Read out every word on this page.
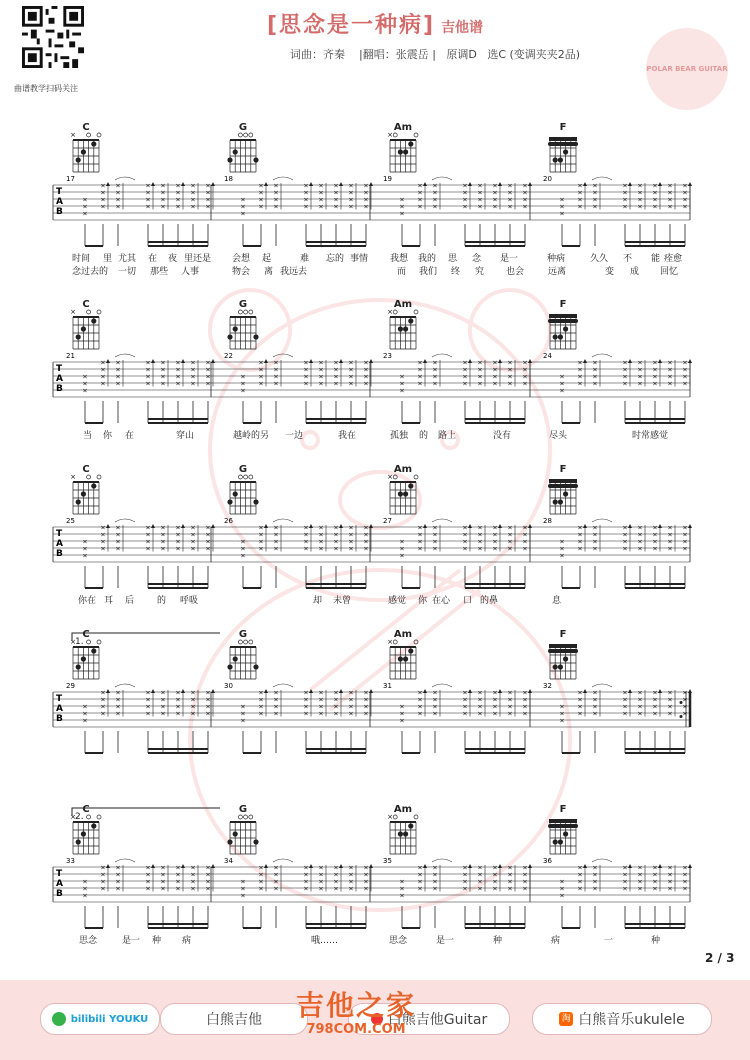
曲谱教学扫码关注
[思念是一种病] 吉他谱
词曲：齐秦    |翻唱：张震岳 |   原调D   选C (变调夹夹2品)
POLAR BEAR GUITAR
C
×
G	Am
×
F
T
A
B
17
×
×
×
×
×
×
×
×
×
×
×
×
×
×
×
×
×
×
×
×
×
×
×
×
×
×
×
×
×
×
×
18
×
×
×
×
×
×
×
×
×
×
×
×
×
×
×
×
×
×
×
×
×
×
×
×
×
×
×
×
×
×
×
19
×
×
×
×
×
×
×
×
×
×
×
×
×
×
×
×
×
×
×
×
×
×
×
×
×
×
×
×
×
×
×
20
×
×
×
×
×
×
×
×
×
×
×
×
×
×
×
×
×
×
×
×
×
×
×
×
×
×
×
×
×
×
×
C
×
G	Am
×
F
T
A
B
21
×
×
×
×
×
×
×
×
×
×
×
×
×
×
×
×
×
×
×
×
×
×
×
×
×
×
×
×
×
×
×
22
×
×
×
×
×
×
×
×
×
×
×
×
×
×
×
×
×
×
×
×
×
×
×
×
×
×
×
×
×
×
×
23
×
×
×
×
×
×
×
×
×
×
×
×
×
×
×
×
×
×
×
×
×
×
×
×
×
×
×
×
×
×
×
24
×
×
×
×
×
×
×
×
×
×
×
×
×
×
×
×
×
×
×
×
×
×
×
×
×
×
×
×
×
×
×
C
×
G	Am
×
F
T
A
B
25
×
×
×
×
×
×
×
×
×
×
×
×
×
×
×
×
×
×
×
×
×
×
×
×
×
×
×
×
×
×
×
26
×
×
×
×
×
×
×
×
×
×
×
×
×
×
×
×
×
×
×
×
×
×
×
×
×
×
×
×
×
×
×
27
×
×
×
×
×
×
×
×
×
×
×
×
×
×
×
×
×
×
×
×
×
×
×
×
×
×
×
×
×
×
×
28
×
×
×
×
×
×
×
×
×
×
×
×
×
×
×
×
×
×
×
×
×
×
×
×
×
×
×
×
×
×
×
1.
C
×
G	Am
×
F
T
A
B
29
×
×
×
×
×
×
×
×
×
×
×
×
×
×
×
×
×
×
×
×
×
×
×
×
×
×
×
×
×
×
×
30
×
×
×
×
×
×
×
×
×
×
×
×
×
×
×
×
×
×
×
×
×
×
×
×
×
×
×
×
×
×
×
31
×
×
×
×
×
×
×
×
×
×
×
×
×
×
×
×
×
×
×
×
×
×
×
×
×
×
×
×
×
×
×
32
×
×
×
×
×
×
×
×
×
×
×
×
×
×
×
×
×
×
×
×
×
×
×
×
×
×
×
×
×
×
×
2.
C
×
G	Am
×
F
T
A
B
33
×
×
×
×
×
×
×
×
×
×
×
×
×
×
×
×
×
×
×
×
×
×
×
×
×
×
×
×
×
×
×
34
×
×
×
×
×
×
×
×
×
×
×
×
×
×
×
×
×
×
×
×
×
×
×
×
×
×
×
×
×
×
×
35
×
×
×
×
×
×
×
×
×
×
×
×
×
×
×
×
×
×
×
×
×
×
×
×
×
×
×
×
×
×
×
36
×
×
×
×
×
×
×
×
×
×
×
×
×
×
×
×
×
×
×
×
×
×
×
×
×
×
×
×
×
×
×
2 / 3
bilibili YOUKU	白熊吉他	白熊吉他Guitar	淘 白熊音乐ukulele
吉他之家
798COM.COM
时间 里 尤其 在 夜 里还是 会想 起	难 忘的 事情 我想 我的 思 念 是一	种病	久久 不 能 痊愈
念过去的 一切 那些 人事	物会 离 我远去	而 我们 终 究 也会	远离	变 成 回忆
当 你 在	穿山	越岭的另 一边	我在	孤独 的 路上	没有	尽头	时常感觉
你在 耳 后	的 呼吸	却 未曾	感觉 你 在心 口 的鼻	息
思念	是一 种 病	哦……	思念	是一	种	病	一	种
